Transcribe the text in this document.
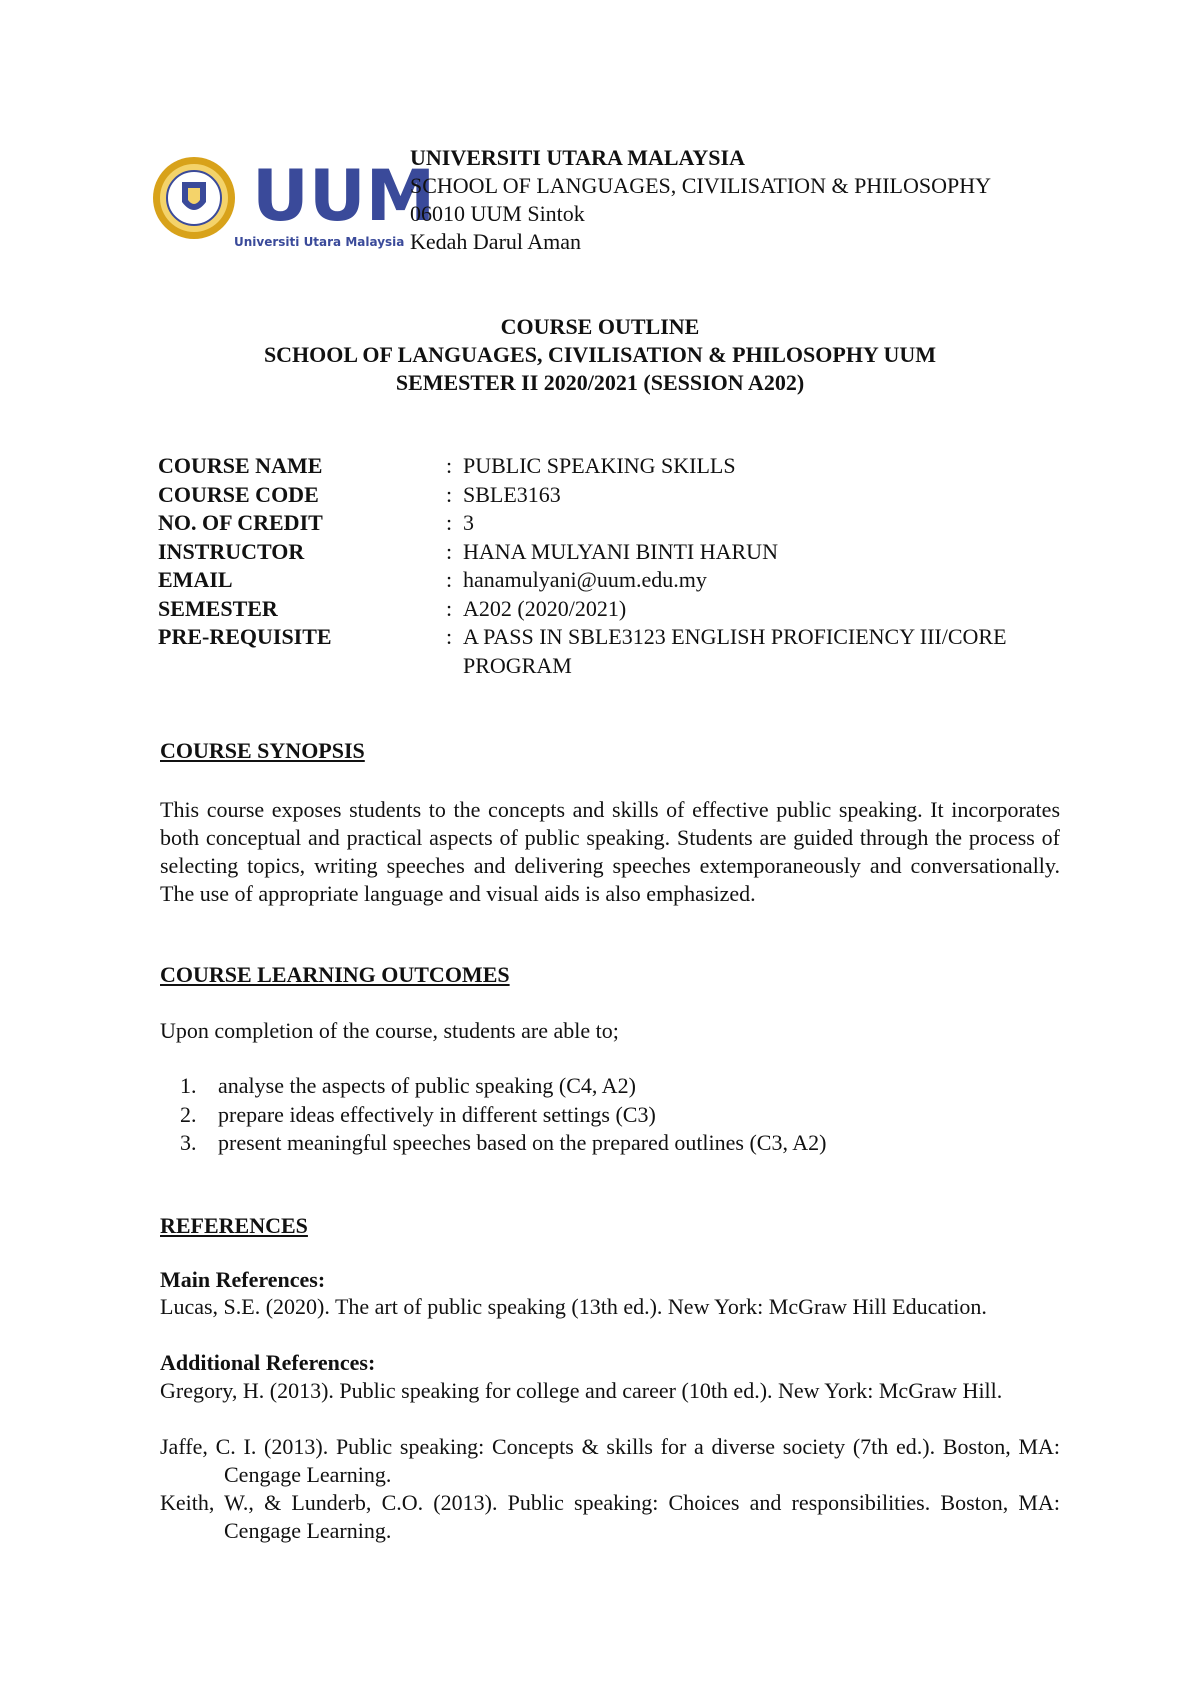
UUM
Universiti Utara Malaysia
UNIVERSITI UTARA MALAYSIA
SCHOOL OF LANGUAGES, CIVILISATION & PHILOSOPHY
06010 UUM Sintok
Kedah Darul Aman
COURSE OUTLINE
SCHOOL OF LANGUAGES, CIVILISATION & PHILOSOPHY UUM
SEMESTER II 2020/2021 (SESSION A202)
COURSE NAME	: PUBLIC SPEAKING SKILLS
COURSE CODE	: SBLE3163
NO. OF CREDIT	: 3
INSTRUCTOR	: HANA MULYANI BINTI HARUN
EMAIL	: hanamulyani@uum.edu.my
SEMESTER	: A202 (2020/2021)
PRE-REQUISITE	: A PASS IN SBLE3123 ENGLISH PROFICIENCY III/CORE PROGRAM
COURSE SYNOPSIS
This course exposes students to the concepts and skills of effective public speaking. It incorporates both conceptual and practical aspects of public speaking. Students are guided through the process of selecting topics, writing speeches and delivering speeches extemporaneously and conversationally. The use of appropriate language and visual aids is also emphasized.
COURSE LEARNING OUTCOMES
Upon completion of the course, students are able to;
1. analyse the aspects of public speaking (C4, A2)
2. prepare ideas effectively in different settings (C3)
3. present meaningful speeches based on the prepared outlines (C3, A2)
REFERENCES
Main References:
Lucas, S.E. (2020). The art of public speaking (13th ed.). New York: McGraw Hill Education.
Additional References:
Gregory, H. (2013). Public speaking for college and career (10th ed.). New York: McGraw Hill.
Jaffe, C. I. (2013). Public speaking: Concepts & skills for a diverse society (7th ed.). Boston, MA: Cengage Learning.
Keith, W., & Lunderb, C.O. (2013). Public speaking: Choices and responsibilities. Boston, MA: Cengage Learning.
